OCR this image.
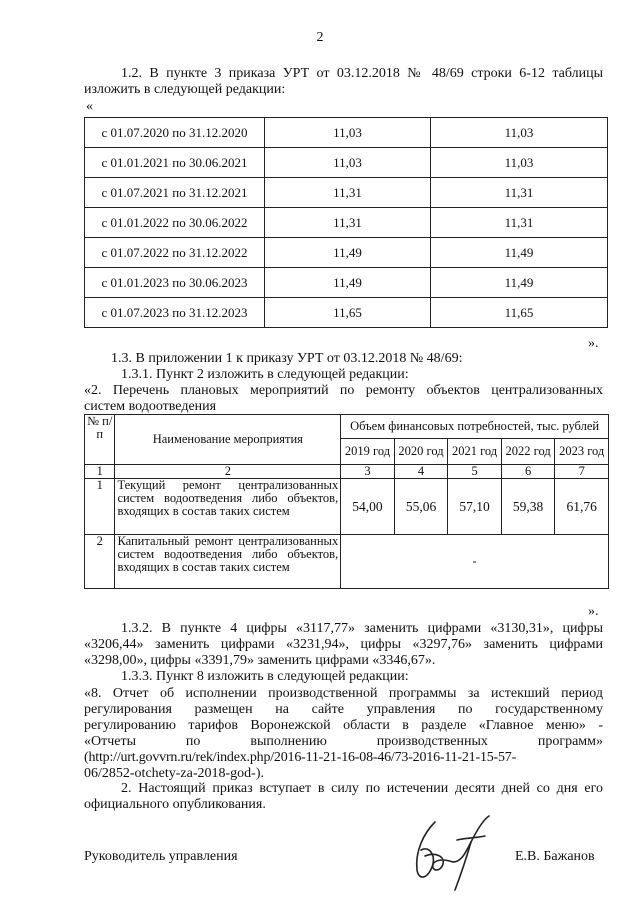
2
1.2. В пункте 3 приказа УРТ от 03.12.2018 № 48/69 строки 6-12 таблицы
изложить в следующей редакции:
«
с 01.07.2020 по 31.12.2020	11,03	11,03
с 01.01.2021 по 30.06.2021	11,03	11,03
с 01.07.2021 по 31.12.2021	11,31	11,31
с 01.01.2022 по 30.06.2022	11,31	11,31
с 01.07.2022 по 31.12.2022	11,49	11,49
с 01.01.2023 по 30.06.2023	11,49	11,49
с 01.07.2023 по 31.12.2023	11,65	11,65
».
1.3. В приложении 1 к приказу УРТ от 03.12.2018 № 48/69:
1.3.1. Пункт 2 изложить в следующей редакции:
«2. Перечень плановых мероприятий по ремонту объектов централизованных
систем водоотведения
№ п/п	Наименование мероприятия	Объем финансовых потребностей, тыс. рублей				
		2019 год	2020 год	2021 год	2022 год	2023 год
1	2	3	4	5	6	7
1	Текущий ремонт централизованных систем водоотведения либо объектов, входящих в состав таких систем	54,00	55,06	57,10	59,38	61,76
2	Капитальный ремонт централизованных систем водоотведения либо объектов, входящих в состав таких систем	-				
».
1.3.2. В пункте 4 цифры «3117,77» заменить цифрами «3130,31», цифры
«3206,44» заменить цифрами «3231,94», цифры «3297,76» заменить цифрами
«3298,00», цифры «3391,79» заменить цифрами «3346,67».
1.3.3. Пункт 8 изложить в следующей редакции:
«8. Отчет об исполнении производственной программы за истекший период
регулирования размещен на сайте управления по государственному
регулированию тарифов Воронежской области в разделе «Главное меню» -
«Отчеты по выполнению производственных программ»
(http://urt.govvrn.ru/rek/index.php/2016-11-21-16-08-46/73-2016-11-21-15-57-
06/2852-otchety-za-2018-god-).
2. Настоящий приказ вступает в силу по истечении десяти дней со дня его
официального опубликования.
Руководитель управления	Е.В. Бажанов
